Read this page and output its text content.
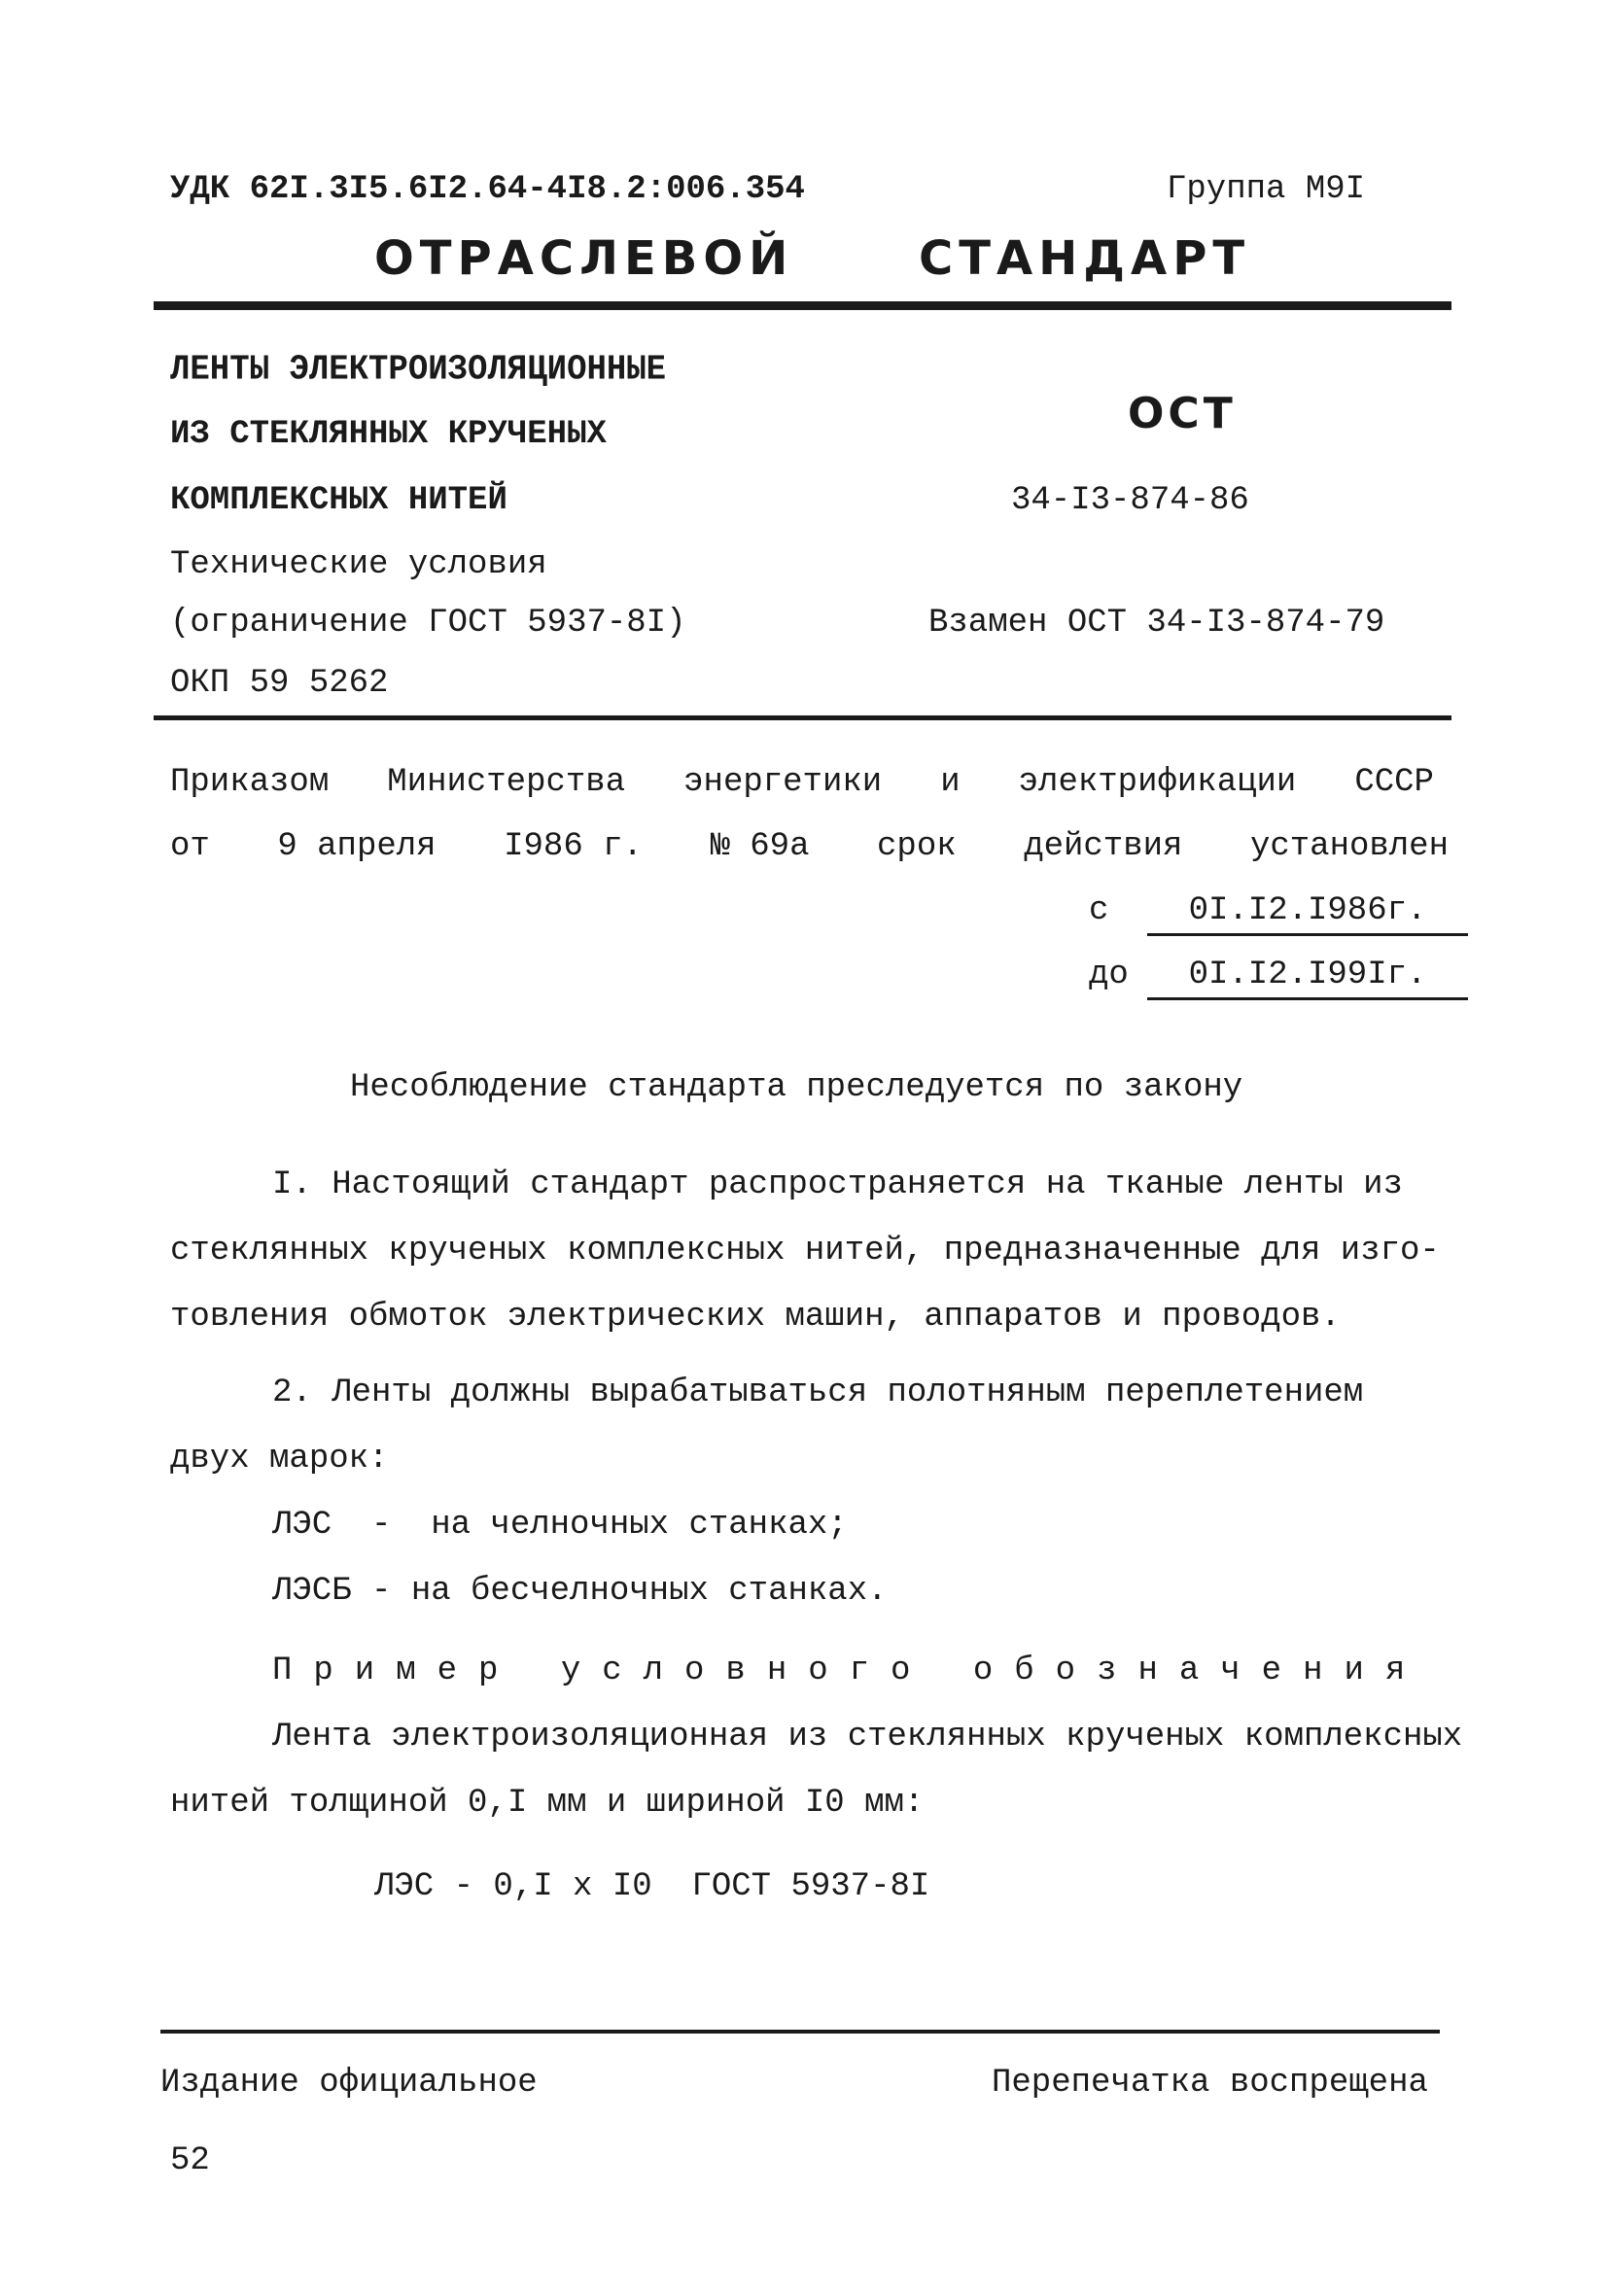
УДК 62I.3I5.6I2.64-4I8.2:006.354	Группа М9I
ОТРАСЛЕВОЙ	СТАНДАРТ
ЛЕНТЫ ЭЛЕКТРОИЗОЛЯЦИОННЫЕ
ИЗ СТЕКЛЯННЫХ КРУЧЕНЫХ
КОМПЛЕКСНЫХ НИТЕЙ
Технические условия
(ограничение ГОСТ 5937-8I)
ОКП 59 5262
ОСТ
34-I3-874-86
Взамен ОСТ 34-I3-874-79
Приказом Министерства энергетики и электрификации СССР
от 9 апреля I986 г. № 69а срок действия установлен
с 0I.I2.I986г.
до 0I.I2.I99Iг.
Несоблюдение стандарта преследуется по закону
I. Настоящий стандарт распространяется на тканые ленты из
стеклянных крученых комплексных нитей, предназначенные для изго-
товления обмоток электрических машин, аппаратов и проводов.
2. Ленты должны вырабатываться полотняным переплетением
двух марок:
ЛЭС  -  на челночных станках;
ЛЭСБ - на бесчелночных станках.
Пример условного обозначения
Лента электроизоляционная из стеклянных крученых комплексных
нитей толщиной 0,I мм и шириной I0 мм:
ЛЭС - 0,I х I0  ГОСТ 5937-8I
Издание официальное	Перепечатка воспрещена
52
